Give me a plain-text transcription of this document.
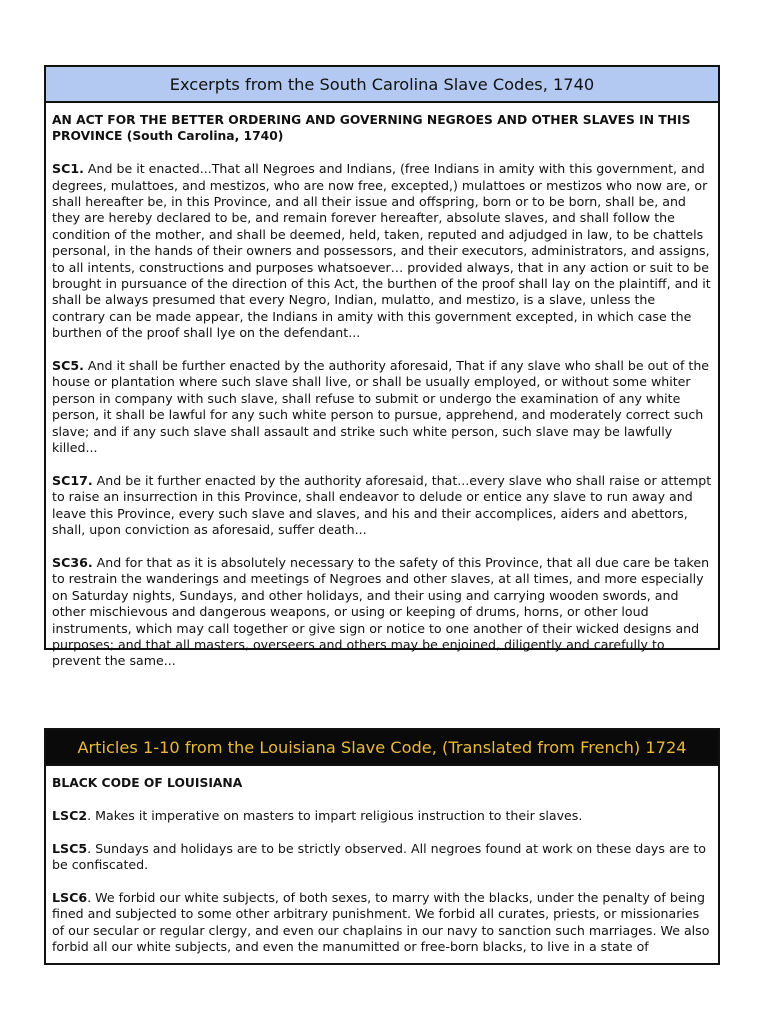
Excerpts from the South Carolina Slave Codes, 1740

AN ACT FOR THE BETTER ORDERING AND GOVERNING NEGROES AND OTHER SLAVES IN THIS PROVINCE (South Carolina, 1740)

SC1. And be it enacted...That all Negroes and Indians, (free Indians in amity with this government, and degrees, mulattoes, and mestizos, who are now free, excepted,) mulattoes or mestizos who now are, or shall hereafter be, in this Province, and all their issue and offspring, born or to be born, shall be, and they are hereby declared to be, and remain forever hereafter, absolute slaves, and shall follow the condition of the mother, and shall be deemed, held, taken, reputed and adjudged in law, to be chattels personal, in the hands of their owners and possessors, and their executors, administrators, and assigns, to all intents, constructions and purposes whatsoever… provided always, that in any action or suit to be brought in pursuance of the direction of this Act, the burthen of the proof shall lay on the plaintiff, and it shall be always presumed that every Negro, Indian, mulatto, and mestizo, is a slave, unless the contrary can be made appear, the Indians in amity with this government excepted, in which case the burthen of the proof shall lye on the defendant...

SC5. And it shall be further enacted by the authority aforesaid, That if any slave who shall be out of the house or plantation where such slave shall live, or shall be usually employed, or without some whiter person in company with such slave, shall refuse to submit or undergo the examination of any white person, it shall be lawful for any such white person to pursue, apprehend, and moderately correct such slave; and if any such slave shall assault and strike such white person, such slave may be lawfully killed...

SC17. And be it further enacted by the authority aforesaid, that...every slave who shall raise or attempt to raise an insurrection in this Province, shall endeavor to delude or entice any slave to run away and leave this Province, every such slave and slaves, and his and their accomplices, aiders and abettors, shall, upon conviction as aforesaid, suffer death...

SC36. And for that as it is absolutely necessary to the safety of this Province, that all due care be taken to restrain the wanderings and meetings of Negroes and other slaves, at all times, and more especially on Saturday nights, Sundays, and other holidays, and their using and carrying wooden swords, and other mischievous and dangerous weapons, or using or keeping of drums, horns, or other loud instruments, which may call together or give sign or notice to one another of their wicked designs and purposes; and that all masters, overseers and others may be enjoined, diligently and carefully to prevent the same...

Articles 1-10 from the Louisiana Slave Code, (Translated from French) 1724

BLACK CODE OF LOUISIANA

LSC2. Makes it imperative on masters to impart religious instruction to their slaves.

LSC5. Sundays and holidays are to be strictly observed. All negroes found at work on these days are to be confiscated.

LSC6. We forbid our white subjects, of both sexes, to marry with the blacks, under the penalty of being fined and subjected to some other arbitrary punishment. We forbid all curates, priests, or missionaries of our secular or regular clergy, and even our chaplains in our navy to sanction such marriages. We also forbid all our white subjects, and even the manumitted or free-born blacks, to live in a state of
